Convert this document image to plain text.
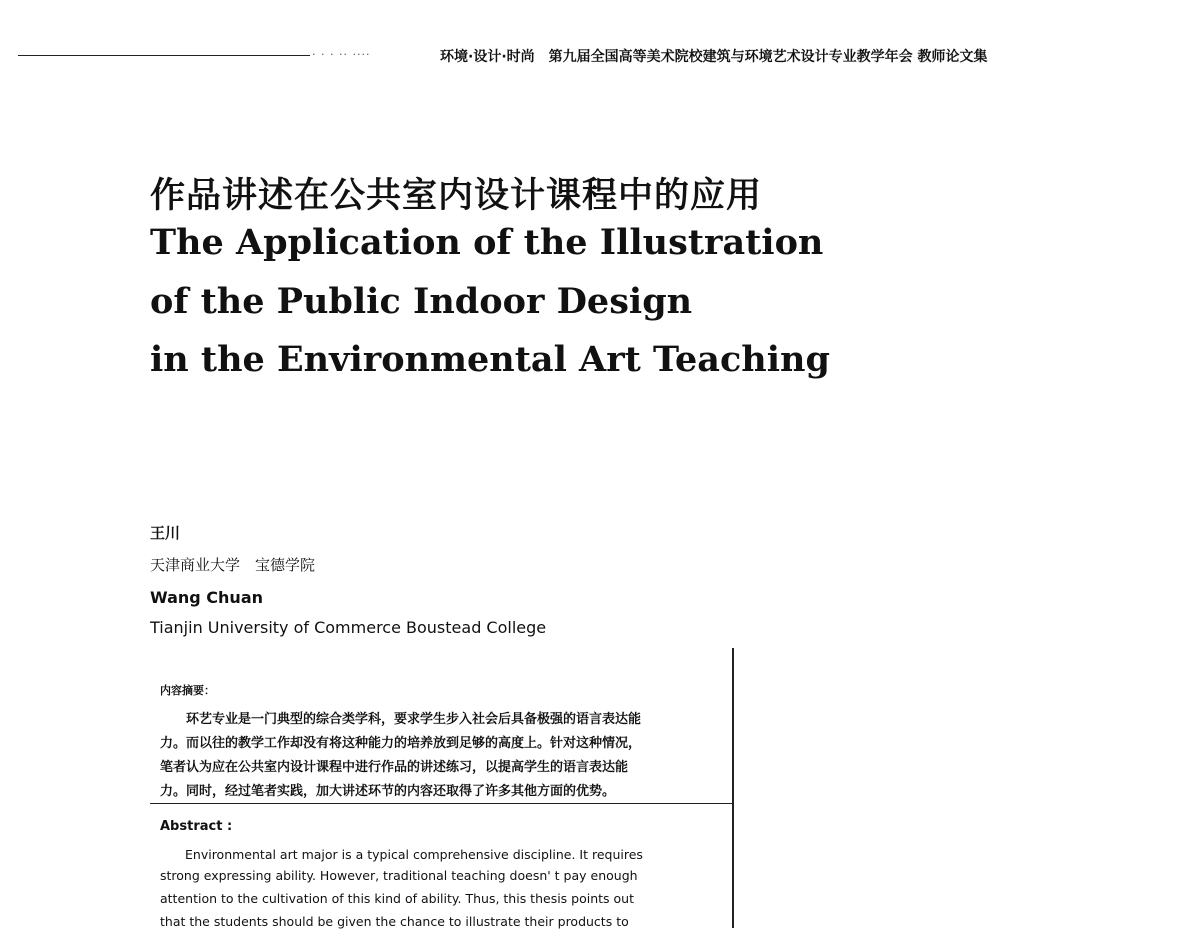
· · · ·· ····	环境·设计·时尚　第九届全国高等美术院校建筑与环境艺术设计专业教学年会 教师论文集
作品讲述在公共室内设计课程中的应用
The Application of the Illustration
of the Public Indoor Design
in the Environmental Art Teaching
王川
天津商业大学　宝德学院
Wang Chuan
Tianjin University of Commerce Boustead College
内容摘要：
　　环艺专业是一门典型的综合类学科，要求学生步入社会后具备极强的语言表达能
力。而以往的教学工作却没有将这种能力的培养放到足够的高度上。针对这种情况，
笔者认为应在公共室内设计课程中进行作品的讲述练习，以提高学生的语言表达能
力。同时，经过笔者实践，加大讲述环节的内容还取得了许多其他方面的优势。
Abstract :
　　Environmental art major is a typical comprehensive discipline. It requires
strong expressing ability. However, traditional teaching doesn' t pay enough
attention to the cultivation of this kind of ability. Thus, this thesis points out
that the students should be given the chance to illustrate their products to
